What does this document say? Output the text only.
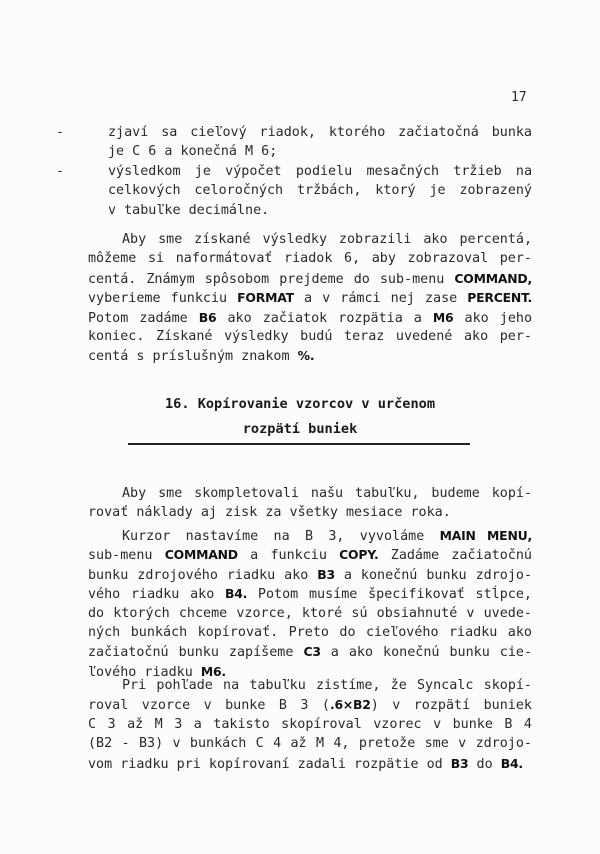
17
-	zjaví sa cieľový riadok, ktorého začiatočná bunka
je C 6 a konečná M 6;
-	výsledkom je výpočet podielu mesačných tržieb na
celkových celoročných tržbách, ktorý je zobrazený
v tabuľke decimálne.
Aby sme získané výsledky zobrazili ako percentá,
môžeme si naformátovať riadok 6, aby zobrazoval per-
centá. Známym spôsobom prejdeme do sub-menu COMMAND,
vyberieme funkciu FORMAT a v rámci nej zase PERCENT.
Potom zadáme B6 ako začiatok rozpätia a M6 ako jeho
koniec. Získané výsledky budú teraz uvedené ako per-
centá s príslušným znakom %.
16. Kopírovanie vzorcov v určenom
rozpätí buniek
Aby sme skompletovali našu tabuľku, budeme kopí-
rovať náklady aj zisk za všetky mesiace roka.
Kurzor nastavíme na B 3, vyvoláme MAIN MENU,
sub-menu COMMAND a funkciu COPY. Zadáme začiatočnú
bunku zdrojového riadku ako B3 a konečnú bunku zdrojo-
vého riadku ako B4. Potom musíme špecifikovať stĺpce,
do ktorých chceme vzorce, ktoré sú obsiahnuté v uvede-
ných bunkách kopírovať. Preto do cieľového riadku ako
začiatočnú bunku zapíšeme C3 a ako konečnú bunku cie-
ľového riadku M6.
Pri pohľade na tabuľku zistíme, že Syncalc skopí-
roval vzorce v bunke B 3 (.6×B2) v rozpätí buniek
C 3 až M 3 a takisto skopíroval vzorec v bunke B 4
(B2 - B3) v bunkách C 4 až M 4, pretože sme v zdrojo-
vom riadku pri kopírovaní zadali rozpätie od B3 do B4.
